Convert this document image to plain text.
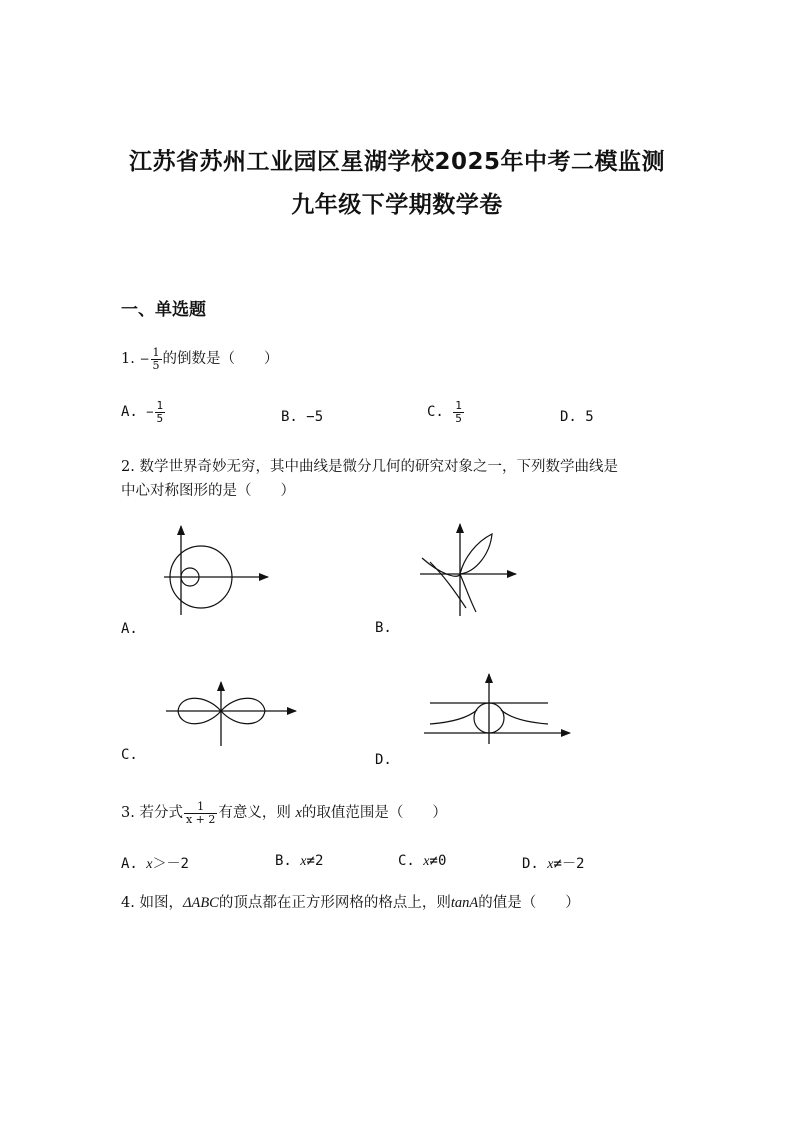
江苏省苏州工业园区星湖学校2025年中考二模监测
九年级下学期数学卷
一、单选题
1. − $\frac{1}{5}$ 的倒数是（　　）
A. − $\frac{1}{5}$	B. −5	C. $\frac{1}{5}$	D. 5
2. 数学世界奇妙无穷，其中曲线是微分几何的研究对象之一，下列数学曲线是
中心对称图形的是（　　）
A.	B.
C.	D.
3. 若分式 $\frac{1}{x + 2}$ 有意义，则 x的取值范围是（　　）
A. x＞－2	B. x≠2	C. x≠0	D. x≠－2
4. 如图，ΔABC的顶点都在正方形网格的格点上，则tanA的值是（　　）
